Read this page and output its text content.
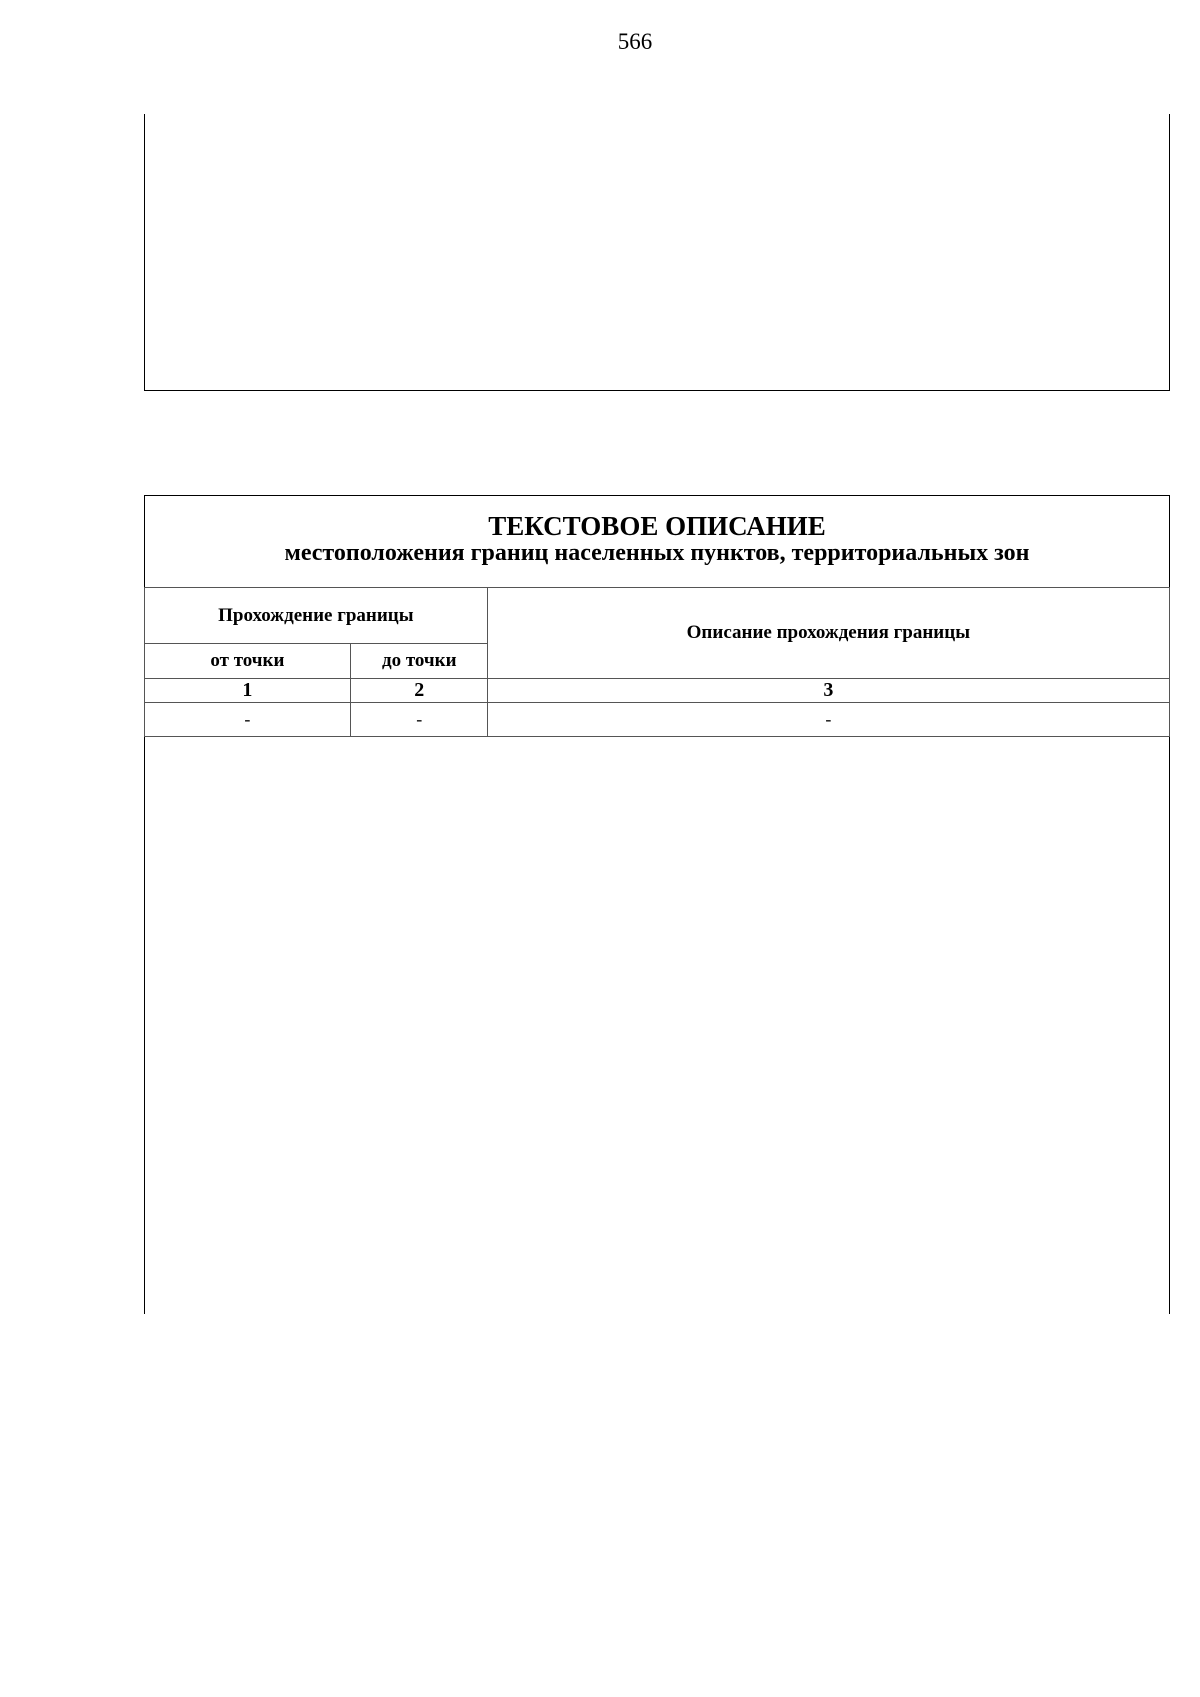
566
ТЕКСТОВОЕ ОПИСАНИЕ
местоположения границ населенных пунктов, территориальных зон
Прохождение границы		Описание прохождения границы
от точки	до точки	
1	2	3
-	-	-
